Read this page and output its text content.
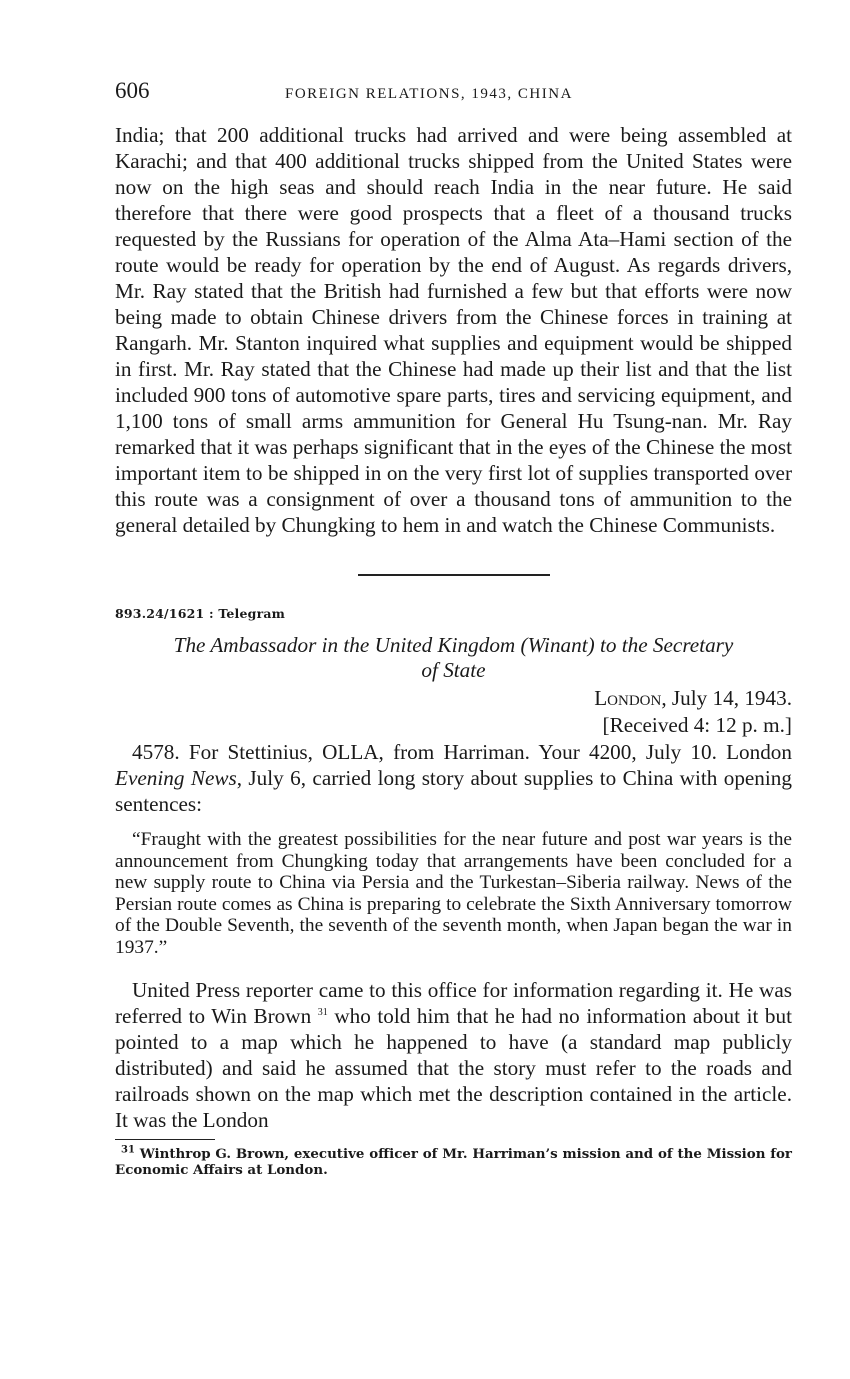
606	FOREIGN RELATIONS, 1943, CHINA

India; that 200 additional trucks had arrived and were being assembled at Karachi; and that 400 additional trucks shipped from the United States were now on the high seas and should reach India in the near future. He said therefore that there were good prospects that a fleet of a thousand trucks requested by the Russians for operation of the Alma Ata–Hami section of the route would be ready for operation by the end of August. As regards drivers, Mr. Ray stated that the British had furnished a few but that efforts were now being made to obtain Chinese drivers from the Chinese forces in training at Rangarh. Mr. Stanton inquired what supplies and equipment would be shipped in first. Mr. Ray stated that the Chinese had made up their list and that the list included 900 tons of automotive spare parts, tires and servicing equipment, and 1,100 tons of small arms ammunition for General Hu Tsung-nan. Mr. Ray remarked that it was perhaps significant that in the eyes of the Chinese the most important item to be shipped in on the very first lot of supplies transported over this route was a consignment of over a thousand tons of ammunition to the general detailed by Chungking to hem in and watch the Chinese Communists.

893.24/1621 : Telegram
The Ambassador in the United Kingdom (Winant) to the Secretary
of State
London, July 14, 1943.
[Received 4: 12 p. m.]

4578. For Stettinius, OLLA, from Harriman. Your 4200, July 10. London Evening News, July 6, carried long story about supplies to China with opening sentences:

“Fraught with the greatest possibilities for the near future and post war years is the announcement from Chungking today that arrangements have been concluded for a new supply route to China via Persia and the Turkestan–Siberia railway. News of the Persian route comes as China is preparing to celebrate the Sixth Anniversary tomorrow of the Double Seventh, the seventh of the seventh month, when Japan began the war in 1937.”

United Press reporter came to this office for information regarding it. He was referred to Win Brown $^{31}$ who told him that he had no information about it but pointed to a map which he happened to have (a standard map publicly distributed) and said he assumed that the story must refer to the roads and railroads shown on the map which met the description contained in the article. It was the London

$^{31}$ Winthrop G. Brown, executive officer of Mr. Harriman’s mission and of the Mission for Economic Affairs at London.
